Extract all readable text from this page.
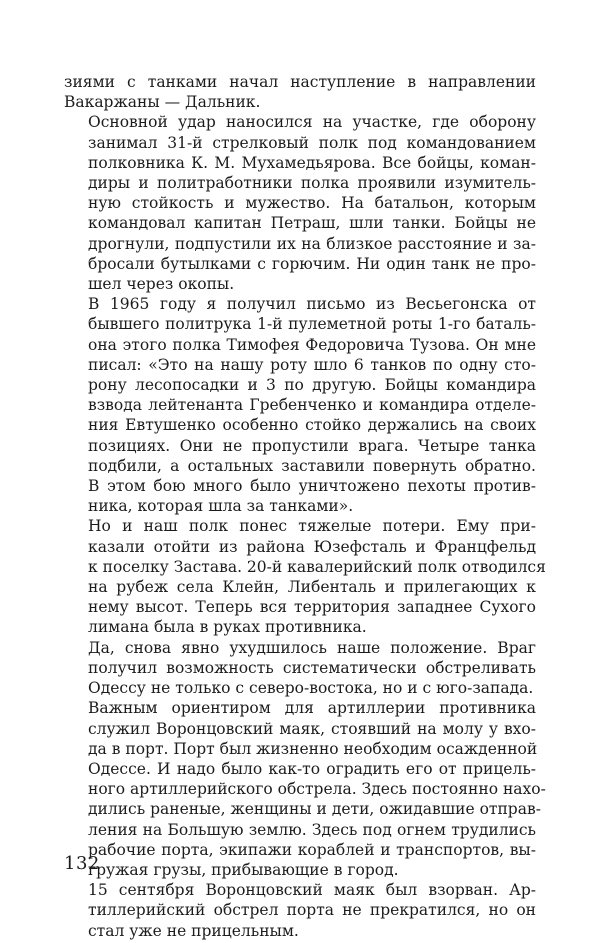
зиями с танками начал наступление в направлении
Вакаржаны — Дальник.

Основной удар наносился на участке, где оборону
занимал 31-й стрелковый полк под командованием
полковника К. М. Мухамедьярова. Все бойцы, коман-
диры и политработники полка проявили изумитель-
ную стойкость и мужество. На батальон, которым
командовал капитан Петраш, шли танки. Бойцы не
дрогнули, подпустили их на близкое расстояние и за-
бросали бутылками с горючим. Ни один танк не про-
шел через окопы.

В 1965 году я получил письмо из Весьегонска от
бывшего политрука 1-й пулеметной роты 1-го баталь-
она этого полка Тимофея Федоровича Тузова. Он мне
писал: «Это на нашу роту шло 6 танков по одну сто-
рону лесопосадки и 3 по другую. Бойцы командира
взвода лейтенанта Гребенченко и командира отделе-
ния Евтушенко особенно стойко держались на своих
позициях. Они не пропустили врага. Четыре танка
подбили, а остальных заставили повернуть обратно.
В этом бою много было уничтожено пехоты против-
ника, которая шла за танками».

Но и наш полк понес тяжелые потери. Ему при-
казали отойти из района Юзефсталь и Францфельд
к поселку Застава. 20-й кавалерийский полк отводился
на рубеж села Клейн, Либенталь и прилегающих к
нему высот. Теперь вся территория западнее Сухого
лимана была в руках противника.

Да, снова явно ухудшилось наше положение. Враг
получил возможность систематически обстреливать
Одессу не только с северо-востока, но и с юго-запада.

Важным ориентиром для артиллерии противника
служил Воронцовский маяк, стоявший на молу у вхо-
да в порт. Порт был жизненно необходим осажденной
Одессе. И надо было как-то оградить его от прицель-
ного артиллерийского обстрела. Здесь постоянно нахо-
дились раненые, женщины и дети, ожидавшие отправ-
ления на Большую землю. Здесь под огнем трудились
рабочие порта, экипажи кораблей и транспортов, вы-
гружая грузы, прибывающие в город.

15 сентября Воронцовский маяк был взорван. Ар-
тиллерийский обстрел порта не прекратился, но он
стал уже не прицельным.

132
